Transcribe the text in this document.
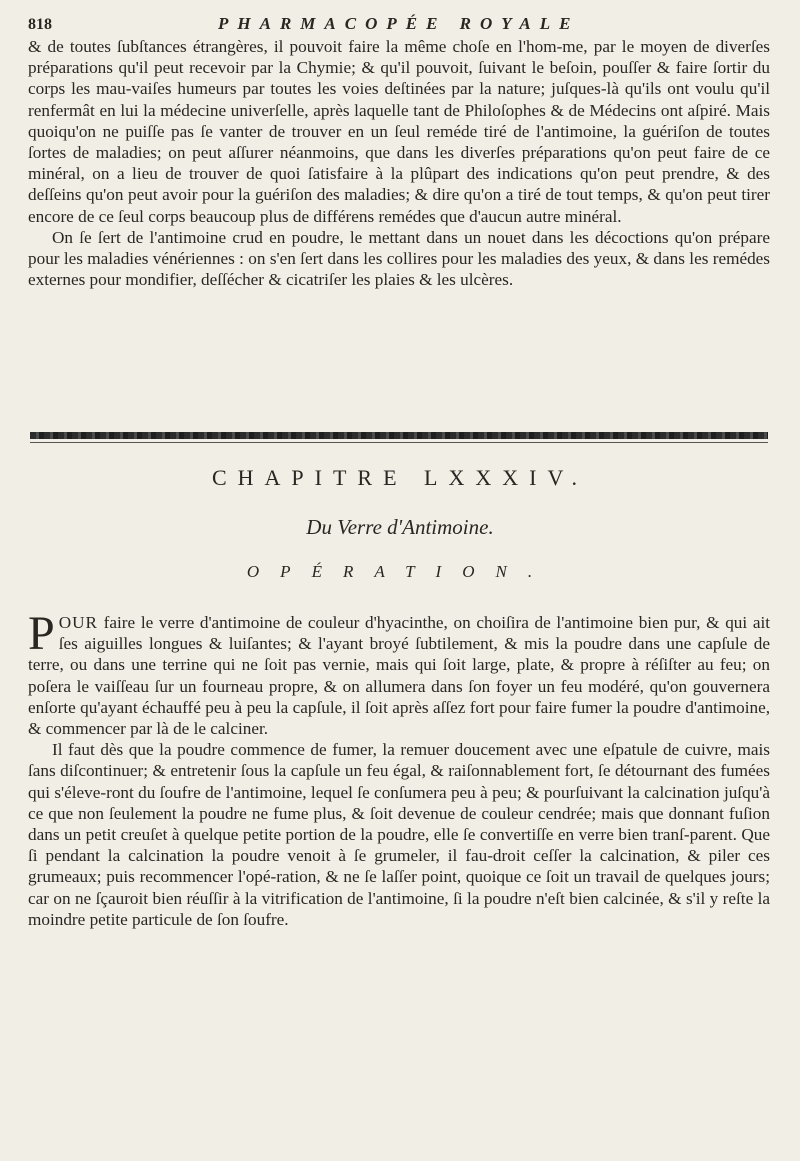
818	PHARMACOPÉE ROYALE

& de toutes ſubſtances étrangères, il pouvoit faire la même choſe en l'hom-me, par le moyen de diverſes préparations qu'il peut recevoir par la Chymie; & qu'il pouvoit, ſuivant le beſoin, pouſſer & faire ſortir du corps les mau-vaiſes humeurs par toutes les voies deſtinées par la nature; juſques-là qu'ils ont voulu qu'il renfermât en lui la médecine univerſelle, après laquelle tant de Philoſophes & de Médecins ont aſpiré. Mais quoiqu'on ne puiſſe pas ſe vanter de trouver en un ſeul reméde tiré de l'antimoine, la guériſon de toutes ſortes de maladies; on peut aſſurer néanmoins, que dans les diverſes préparations qu'on peut faire de ce minéral, on a lieu de trouver de quoi ſatisfaire à la plûpart des indications qu'on peut prendre, & des deſſeins qu'on peut avoir pour la guériſon des maladies; & dire qu'on a tiré de tout temps, & qu'on peut tirer encore de ce ſeul corps beaucoup plus de différens remédes que d'aucun autre minéral.

On ſe ſert de l'antimoine crud en poudre, le mettant dans un nouet dans les décoctions qu'on prépare pour les maladies vénériennes : on s'en ſert dans les collires pour les maladies des yeux, & dans les remédes externes pour mondifier, deſſécher & cicatriſer les plaies & les ulcères.

CHAPITRE LXXXIV.
Du Verre d'Antimoine.
OPÉRATION.

POUR faire le verre d'antimoine de couleur d'hyacinthe, on choiſira de l'antimoine bien pur, & qui ait ſes aiguilles longues & luiſantes; & l'ayant broyé ſubtilement, & mis la poudre dans une capſule de terre, ou dans une terrine qui ne ſoit pas vernie, mais qui ſoit large, plate, & propre à réſiſter au feu; on poſera le vaiſſeau ſur un fourneau propre, & on allumera dans ſon foyer un feu modéré, qu'on gouvernera enſorte qu'ayant échauffé peu à peu la capſule, il ſoit après aſſez fort pour faire fumer la poudre d'antimoine, & commencer par là de le calciner.

Il faut dès que la poudre commence de fumer, la remuer doucement avec une eſpatule de cuivre, mais ſans diſcontinuer; & entretenir ſous la capſule un feu égal, & raiſonnablement fort, ſe détournant des fumées qui s'éleve-ront du ſoufre de l'antimoine, lequel ſe conſumera peu à peu; & pourſuivant la calcination juſqu'à ce que non ſeulement la poudre ne fume plus, & ſoit devenue de couleur cendrée; mais que donnant fuſion dans un petit creuſet à quelque petite portion de la poudre, elle ſe convertiſſe en verre bien tranſ-parent. Que ſi pendant la calcination la poudre venoit à ſe grumeler, il fau-droit ceſſer la calcination, & piler ces grumeaux; puis recommencer l'opé-ration, & ne ſe laſſer point, quoique ce ſoit un travail de quelques jours; car on ne ſçauroit bien réuſſir à la vitrification de l'antimoine, ſi la poudre n'eſt bien calcinée, & s'il y reſte la moindre petite particule de ſon ſoufre.
